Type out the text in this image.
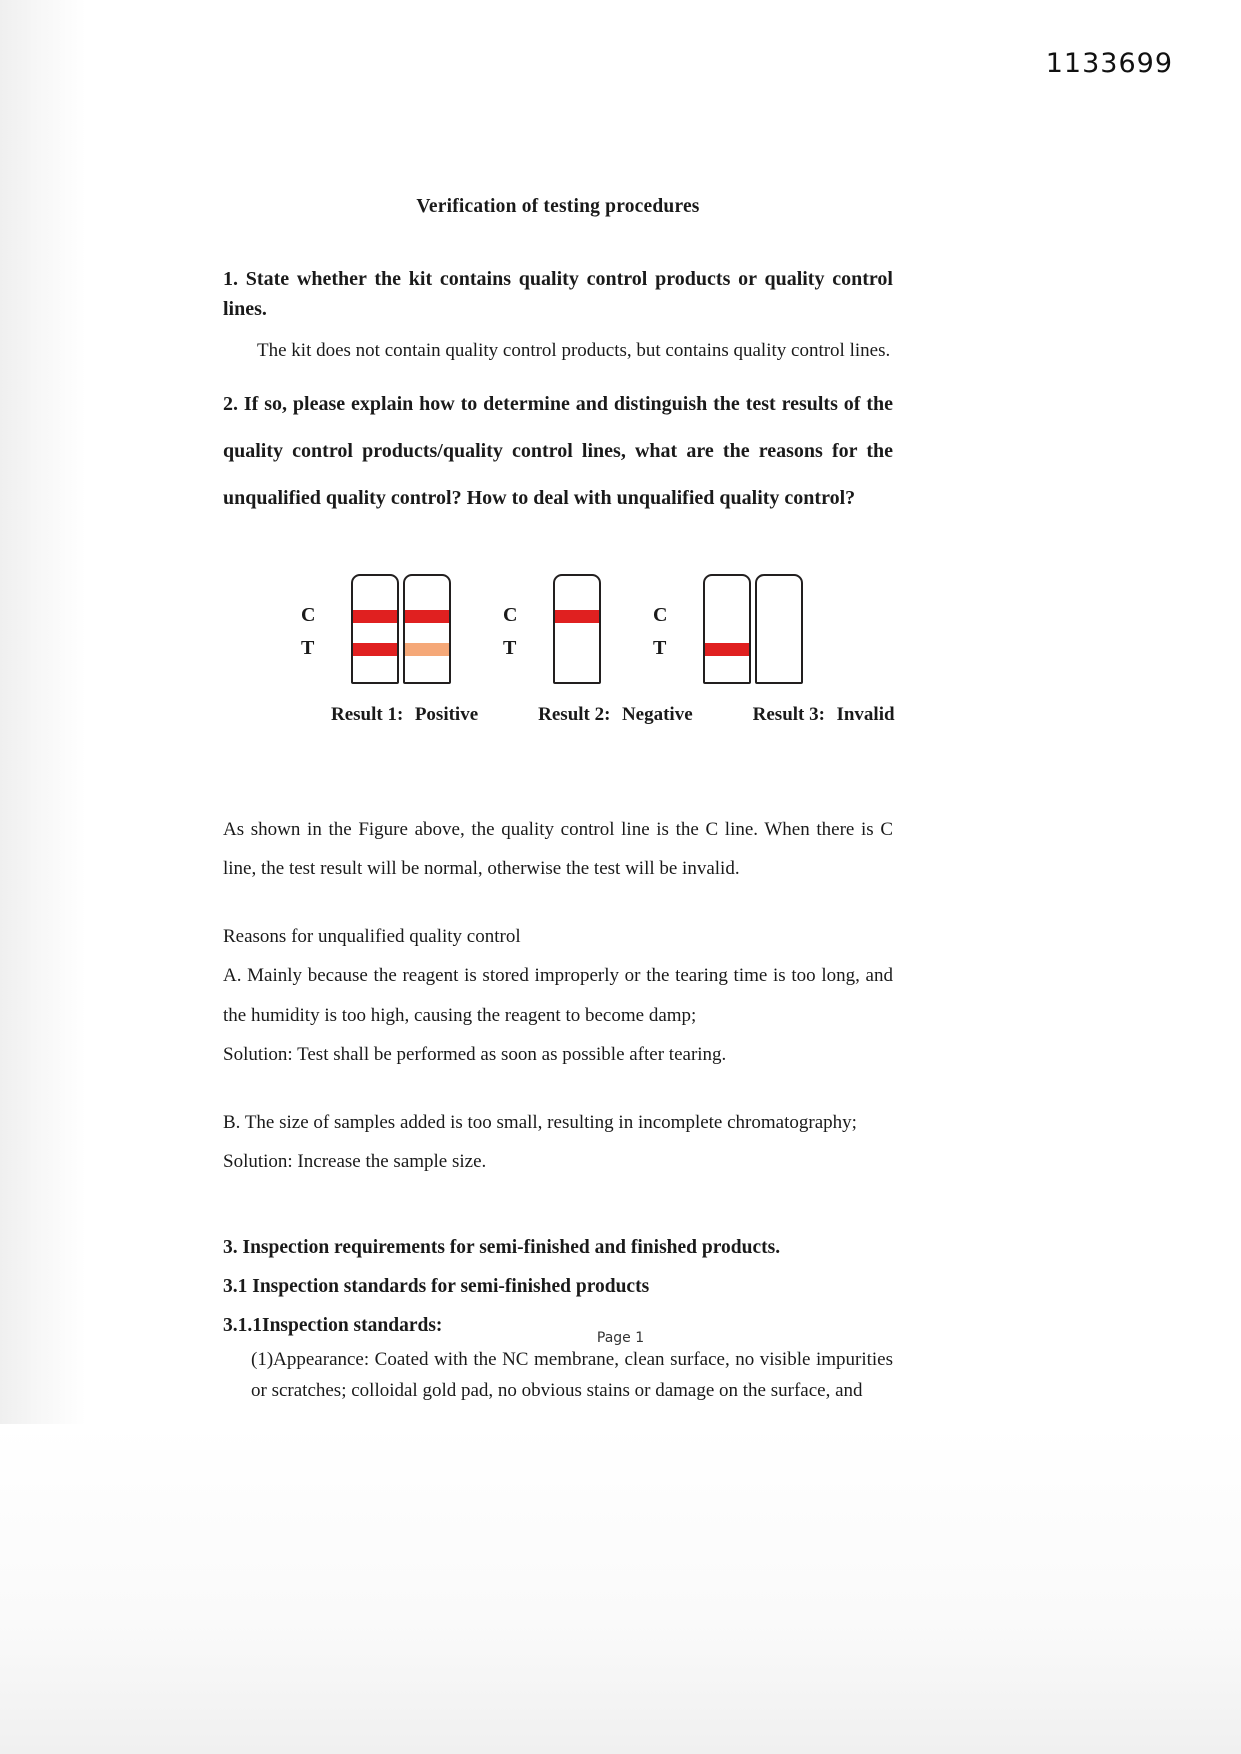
1133699
Verification of testing procedures

1. State whether the kit contains quality control products or quality control lines.

The kit does not contain quality control products, but contains quality control lines.

2. If so, please explain how to determine and distinguish the test results of the quality control products/quality control lines, what are the reasons for the unqualified quality control? How to deal with unqualified quality control?

C
T
C
T
C
T
Result 1: Positive	Result 2: Negative	Result 3: Invalid

As shown in the Figure above, the quality control line is the C line. When there is C line, the test result will be normal, otherwise the test will be invalid.

Reasons for unqualified quality control

A. Mainly because the reagent is stored improperly or the tearing time is too long, and the humidity is too high, causing the reagent to become damp;

Solution: Test shall be performed as soon as possible after tearing.

B. The size of samples added is too small, resulting in incomplete chromatography;

Solution: Increase the sample size.

3. Inspection requirements for semi-finished and finished products.

3.1 Inspection standards for semi-finished products

3.1.1Inspection standards:

(1)Appearance: Coated with the NC membrane, clean surface, no visible impurities or scratches; colloidal gold pad, no obvious stains or damage on the surface, and

Page 1
